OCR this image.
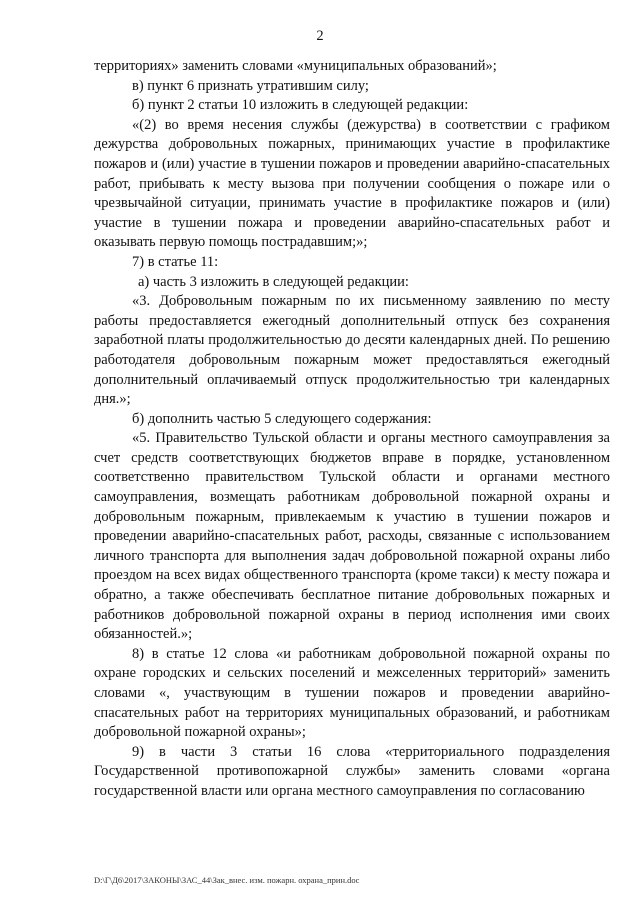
2

территориях» заменить словами «муниципальных образований»;

в) пункт 6 признать утратившим силу;

б) пункт 2 статьи 10 изложить в следующей редакции:

«(2) во время несения службы (дежурства) в соответствии с графиком дежурства добровольных пожарных, принимающих участие в профилактике пожаров и (или) участие в тушении пожаров и проведении аварийно-спасательных работ, прибывать к месту вызова при получении сообщения о пожаре или о чрезвычайной ситуации, принимать участие в профилактике пожаров и (или) участие в тушении пожара и проведении аварийно-спасательных работ и оказывать первую помощь пострадавшим;»;

7) в статье 11:

а) часть 3 изложить в следующей редакции:

«3. Добровольным пожарным по их письменному заявлению по месту работы предоставляется ежегодный дополнительный отпуск без сохранения заработной платы продолжительностью до десяти календарных дней. По решению работодателя добровольным пожарным может предоставляться ежегодный дополнительный оплачиваемый отпуск продолжительностью три календарных дня.»;

б) дополнить частью 5 следующего содержания:

«5. Правительство Тульской области и органы местного самоуправления за счет средств соответствующих бюджетов вправе в порядке, установленном соответственно правительством Тульской области и органами местного самоуправления, возмещать работникам добровольной пожарной охраны и добровольным пожарным, привлекаемым к участию в тушении пожаров и проведении аварийно-спасательных работ, расходы, связанные с использованием личного транспорта для выполнения задач добровольной пожарной охраны либо проездом на всех видах общественного транспорта (кроме такси) к месту пожара и обратно, а также обеспечивать бесплатное питание добровольных пожарных и работников добровольной пожарной охраны в период исполнения ими своих обязанностей.»;

8) в статье 12 слова «и работникам добровольной пожарной охраны по охране городских и сельских поселений и межселенных территорий» заменить словами «, участвующим в тушении пожаров и проведении аварийно-спасательных работ на территориях муниципальных образований, и работникам добровольной пожарной охраны»;

9) в части 3 статьи 16 слова «территориального подразделения Государственной противопожарной службы» заменить словами «органа государственной власти или органа местного самоуправления по согласованию

D:\Г\Д6\2017\ЗАКОНЫ\ЗАС_44\Зак_внес. изм. пожарн. охрана_прин.doc
